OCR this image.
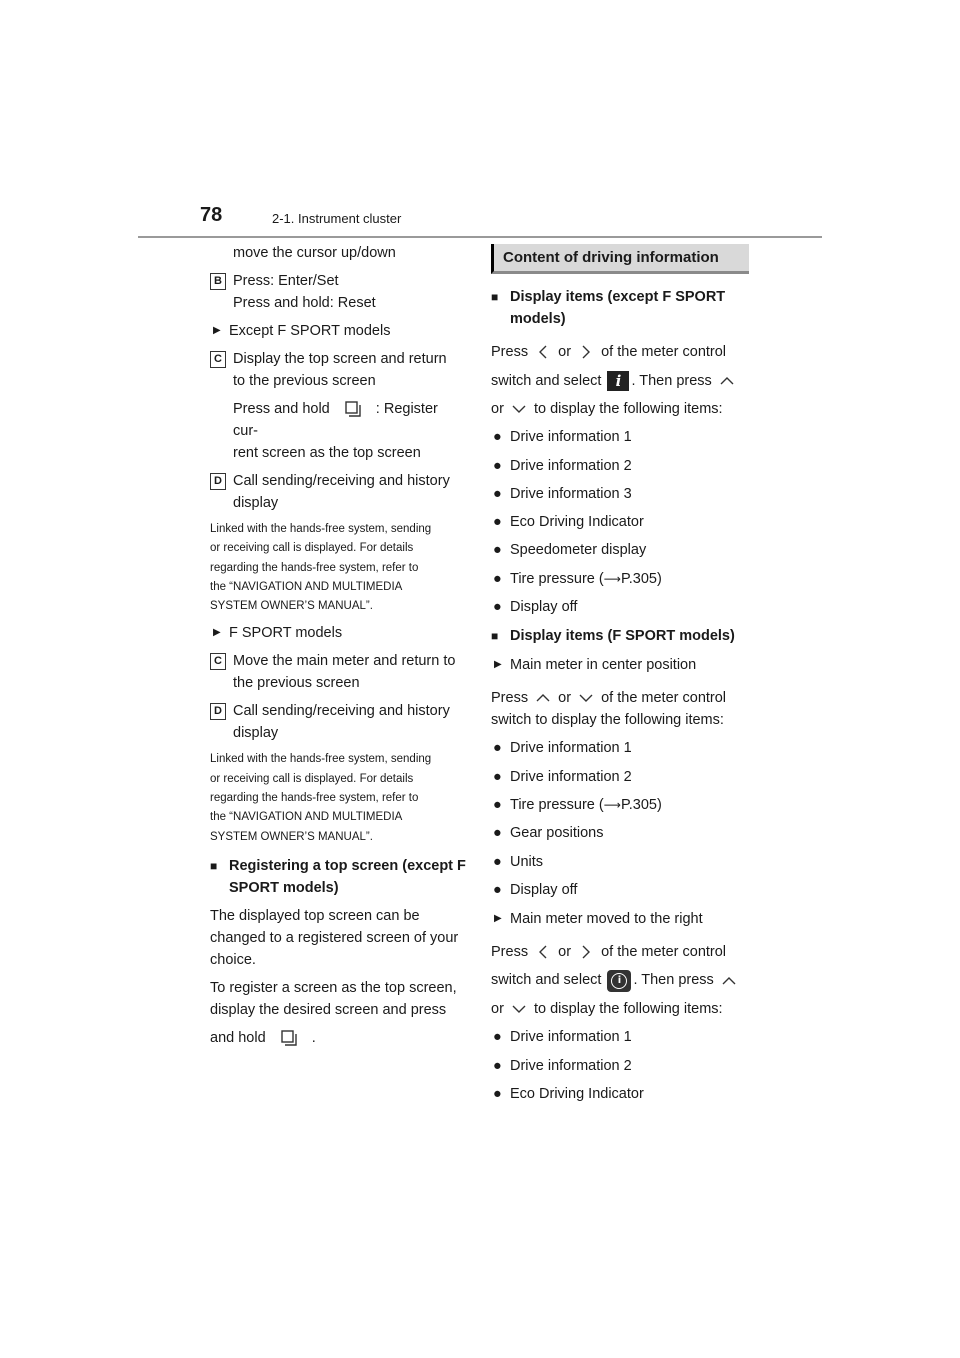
78	2-1. Instrument cluster
move the cursor up/down
B Press: Enter/Set
Press and hold: Reset
▶ Except F SPORT models
C Display the top screen and return
to the previous screen
Press and hold	: Register cur-
rent screen as the top screen
D Call sending/receiving and history
display
Linked with the hands-free system, sending
or receiving call is displayed. For details
regarding the hands-free system, refer to
the “NAVIGATION AND MULTIMEDIA
SYSTEM OWNER’S MANUAL”.
▶ F SPORT models
C Move the main meter and return to
the previous screen
D Call sending/receiving and history
display
Linked with the hands-free system, sending
or receiving call is displayed. For details
regarding the hands-free system, refer to
the “NAVIGATION AND MULTIMEDIA
SYSTEM OWNER’S MANUAL”.
■ Registering a top screen (except F
SPORT models)
The displayed top screen can be
changed to a registered screen of your
choice.
To register a screen as the top screen,
display the desired screen and press
and hold	.
Content of driving information
■ Display items (except F SPORT
models)
Press or of the meter control
switch and select i . Then press
or to display the following items:
● Drive information 1
● Drive information 2
● Drive information 3
● Eco Driving Indicator
● Speedometer display
● Tire pressure (⟶P.305)
● Display off
■ Display items (F SPORT models)
▶ Main meter in center position
Press or of the meter control
switch to display the following items:
● Drive information 1
● Drive information 2
● Tire pressure (⟶P.305)
● Gear positions
● Units
● Display off
▶ Main meter moved to the right
Press or of the meter control
switch and select	i . Then press
or to display the following items:
● Drive information 1
● Drive information 2
● Eco Driving Indicator
